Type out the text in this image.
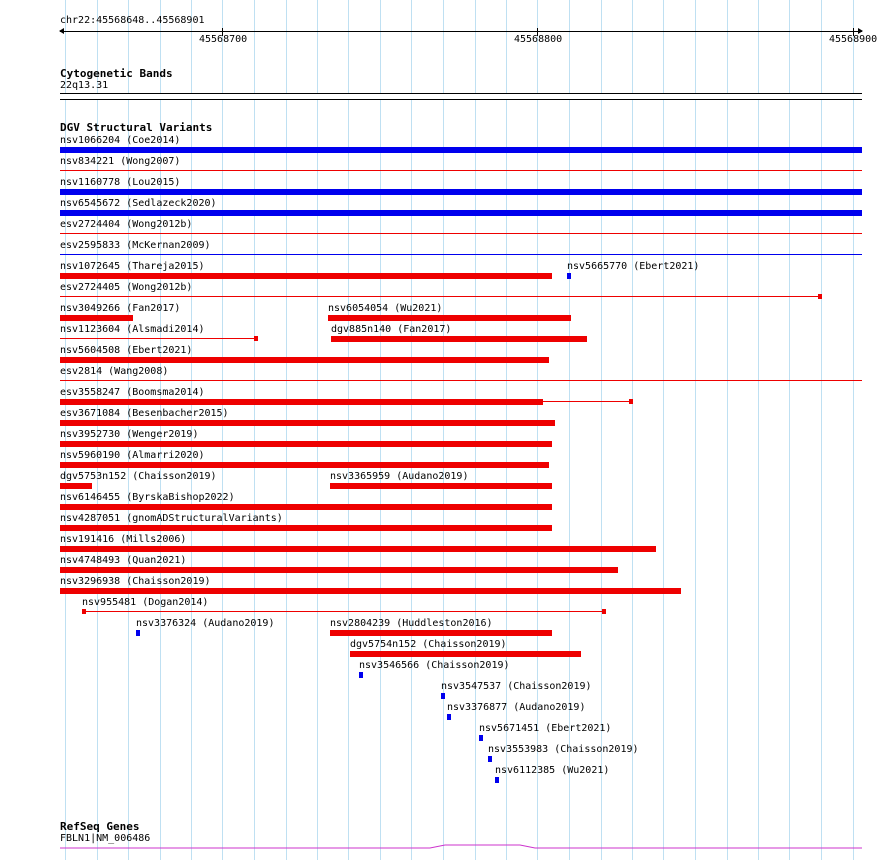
chr22:45568648..45568901
45568700	45568800	45568900
Cytogenetic Bands
22q13.31
DGV Structural Variants
nsv1066204 (Coe2014)
nsv834221 (Wong2007)
nsv1160778 (Lou2015)
nsv6545672 (Sedlazeck2020)
esv2724404 (Wong2012b)
esv2595833 (McKernan2009)
nsv1072645 (Thareja2015)	nsv5665770 (Ebert2021)
esv2724405 (Wong2012b)
nsv3049266 (Fan2017)	nsv6054054 (Wu2021)
nsv1123604 (Alsmadi2014)	dgv885n140 (Fan2017)
nsv5604508 (Ebert2021)
esv2814 (Wang2008)
esv3558247 (Boomsma2014)
esv3671084 (Besenbacher2015)
nsv3952730 (Wenger2019)
nsv5960190 (Almarri2020)
dgv5753n152 (Chaisson2019)	nsv3365959 (Audano2019)
nsv6146455 (ByrskaBishop2022)
nsv4287051 (gnomADStructuralVariants)
nsv191416 (Mills2006)
nsv4748493 (Quan2021)
nsv3296938 (Chaisson2019)
nsv955481 (Dogan2014)
nsv3376324 (Audano2019)	nsv2804239 (Huddleston2016)
dgv5754n152 (Chaisson2019)
nsv3546566 (Chaisson2019)
nsv3547537 (Chaisson2019)
nsv3376877 (Audano2019)
nsv5671451 (Ebert2021)
nsv3553983 (Chaisson2019)
nsv6112385 (Wu2021)
RefSeq Genes
FBLN1|NM_006486
